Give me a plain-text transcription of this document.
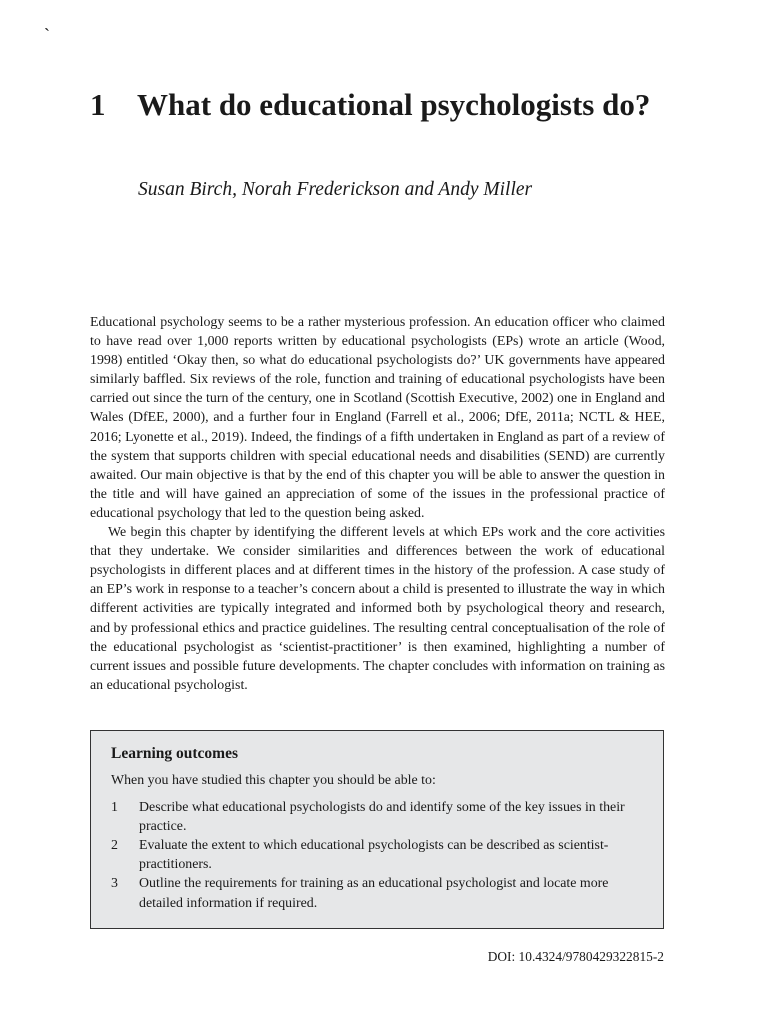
`
1	What do educational psychologists do?
Susan Birch, Norah Frederickson and Andy Miller

Educational psychology seems to be a rather mysterious profession. An education officer who claimed to have read over 1,000 reports written by educational psychologists (EPs) wrote an article (Wood, 1998) entitled ‘Okay then, so what do educational psychologists do?’ UK governments have appeared similarly baffled. Six reviews of the role, function and training of educational psychologists have been carried out since the turn of the century, one in Scotland (Scottish Executive, 2002) one in England and Wales (DfEE, 2000), and a further four in England (Farrell et al., 2006; DfE, 2011a; NCTL & HEE, 2016; Lyonette et al., 2019). Indeed, the findings of a fifth undertaken in England as part of a review of the system that supports children with special educational needs and disabilities (SEND) are currently awaited. Our main objective is that by the end of this chapter you will be able to answer the question in the title and will have gained an appreciation of some of the issues in the professional practice of educational psychology that led to the question being asked.

We begin this chapter by identifying the different levels at which EPs work and the core activities that they undertake. We consider similarities and differences between the work of educational psychologists in different places and at different times in the history of the profession. A case study of an EP’s work in response to a teacher’s concern about a child is presented to illustrate the way in which different activities are typically integrated and informed both by psychological theory and research, and by professional ethics and practice guidelines. The resulting central conceptualisation of the role of the educational psychologist as ‘scientist-practitioner’ is then examined, highlighting a number of current issues and possible future developments. The chapter concludes with information on training as an educational psychologist.

Learning outcomes
When you have studied this chapter you should be able to:
1	Describe what educational psychologists do and identify some of the key issues in their practice.
2	Evaluate the extent to which educational psychologists can be described as scientist-practitioners.
3	Outline the requirements for training as an educational psychologist and locate more detailed information if required.
DOI: 10.4324/9780429322815-2
